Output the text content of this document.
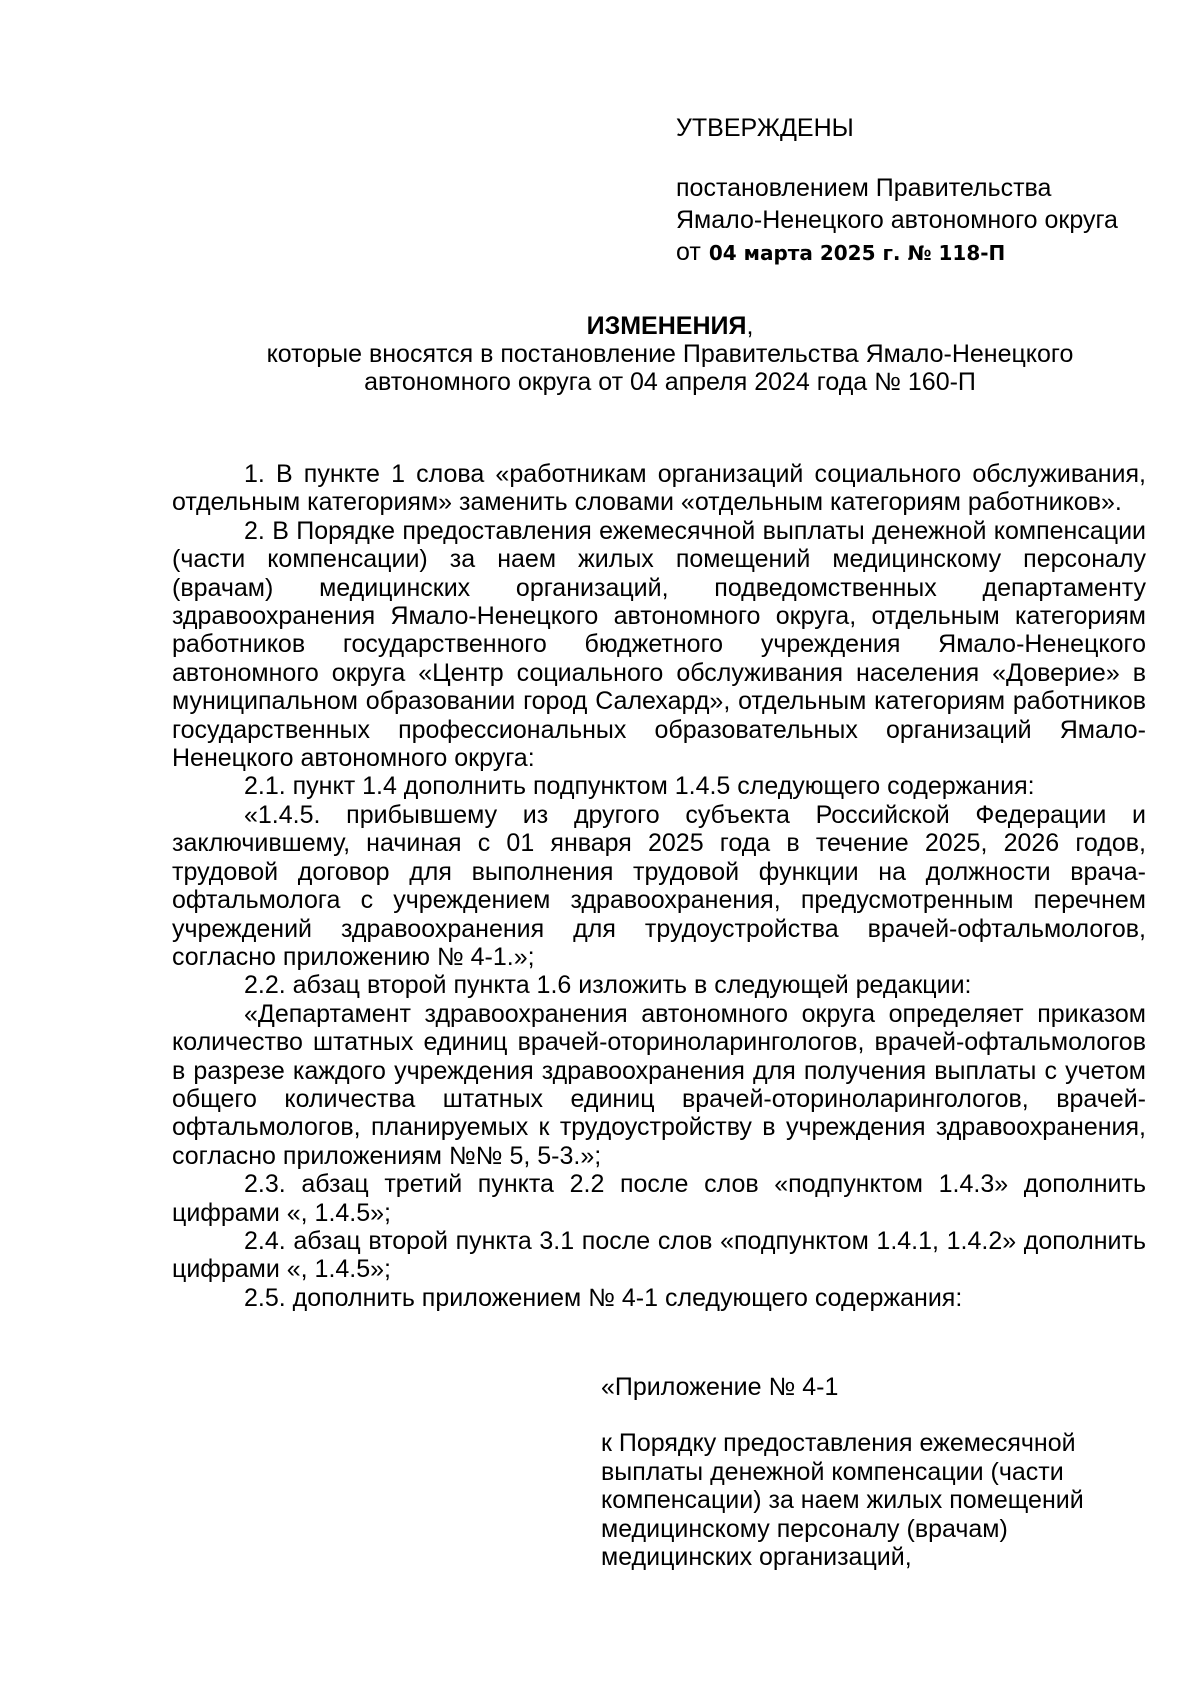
УТВЕРЖДЕНЫ
постановлением Правительства
Ямало-Ненецкого автономного округа
от 04 марта 2025 г. № 118-П
ИЗМЕНЕНИЯ,
которые вносятся в постановление Правительства Ямало-Ненецкого
автономного округа от 04 апреля 2024 года № 160-П

1. В пункте 1 слова «работникам организаций социального обслуживания, отдельным категориям» заменить словами «отдельным категориям работников».

2. В Порядке предоставления ежемесячной выплаты денежной компенсации (части компенсации) за наем жилых помещений медицинскому персоналу (врачам) медицинских организаций, подведомственных департаменту здравоохранения Ямало-Ненецкого автономного округа, отдельным категориям работников государственного бюджетного учреждения Ямало-Ненецкого автономного округа «Центр социального обслуживания населения «Доверие» в муниципальном образовании город Салехард», отдельным категориям работников государственных профессиональных образовательных организаций Ямало-Ненецкого автономного округа:

2.1. пункт 1.4 дополнить подпунктом 1.4.5 следующего содержания:

«1.4.5. прибывшему из другого субъекта Российской Федерации и заключившему, начиная с 01 января 2025 года в течение 2025, 2026 годов, трудовой договор для выполнения трудовой функции на должности врача-офтальмолога с учреждением здравоохранения, предусмотренным перечнем учреждений здравоохранения для трудоустройства врачей-офтальмологов, согласно приложению № 4-1.»;

2.2. абзац второй пункта 1.6 изложить в следующей редакции:

«Департамент здравоохранения автономного округа определяет приказом количество штатных единиц врачей-оториноларингологов, врачей-офтальмологов в разрезе каждого учреждения здравоохранения для получения выплаты с учетом общего количества штатных единиц врачей-оториноларингологов, врачей-офтальмологов, планируемых к трудоустройству в учреждения здравоохранения, согласно приложениям №№ 5, 5-3.»;

2.3. абзац третий пункта 2.2 после слов «подпунктом 1.4.3» дополнить цифрами «, 1.4.5»;

2.4. абзац второй пункта 3.1 после слов «подпунктом 1.4.1, 1.4.2» дополнить цифрами «, 1.4.5»;

2.5. дополнить приложением № 4-1 следующего содержания:

«Приложение № 4-1
к Порядку предоставления ежемесячной
выплаты денежной компенсации (части
компенсации) за наем жилых помещений
медицинскому персоналу (врачам)
медицинских организаций,
